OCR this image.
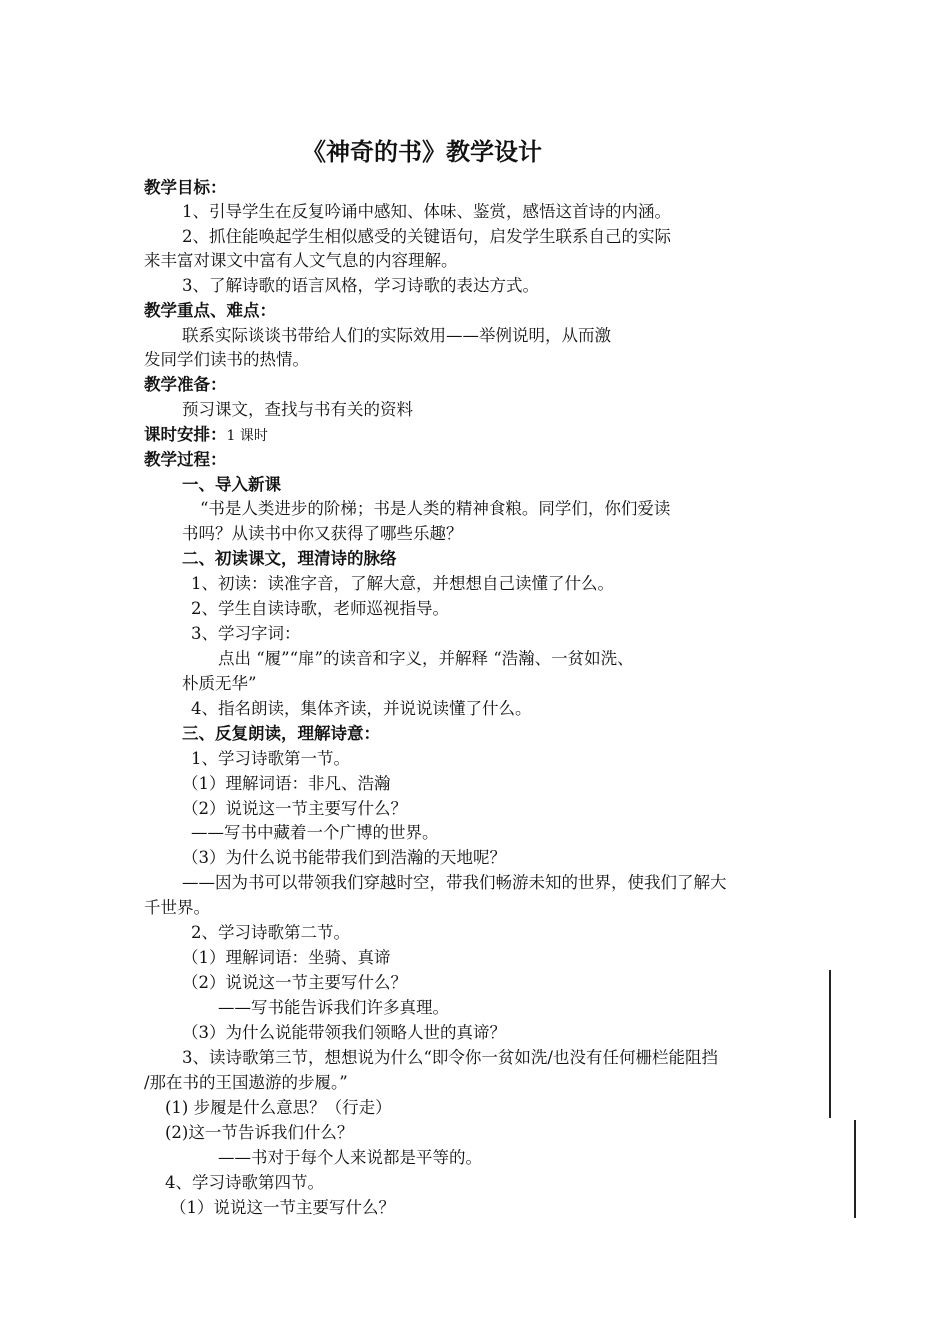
《神奇的书》教学设计
教学目标：
1、引导学生在反复吟诵中感知、体味、鉴赏，感悟这首诗的内涵。
2、抓住能唤起学生相似感受的关键语句，启发学生联系自己的实际
来丰富对课文中富有人文气息的内容理解。
3、了解诗歌的语言风格，学习诗歌的表达方式。
教学重点、难点：
联系实际谈谈书带给人们的实际效用——举例说明，从而激
发同学们读书的热情。
教学准备：
预习课文，查找与书有关的资料
课时安排：1 课时
教学过程：
一、导入新课
“书是人类进步的阶梯；书是人类的精神食粮。同学们，你们爱读
书吗？从读书中你又获得了哪些乐趣？
二、初读课文，理清诗的脉络
1、初读：读准字音，了解大意，并想想自己读懂了什么。
2、学生自读诗歌，老师巡视指导。
3、学习字词：
点出 “履”“扉”的读音和字义，并解释 “浩瀚、一贫如洗、
朴质无华”
4、指名朗读，集体齐读，并说说读懂了什么。
三、反复朗读，理解诗意：
1、学习诗歌第一节。
（1）理解词语：非凡、浩瀚
（2）说说这一节主要写什么？
——写书中藏着一个广博的世界。
（3）为什么说书能带我们到浩瀚的天地呢？
——因为书可以带领我们穿越时空，带我们畅游未知的世界，使我们了解大
千世界。
2、学习诗歌第二节。
（1）理解词语：坐骑、真谛
（2）说说这一节主要写什么？
——写书能告诉我们许多真理。
（3）为什么说能带领我们领略人世的真谛？
3、读诗歌第三节，想想说为什么“即令你一贫如洗/也没有任何栅栏能阻挡
/那在书的王国遨游的步履。”
(1) 步履是什么意思？（行走）
(2)这一节告诉我们什么？
——书对于每个人来说都是平等的。
4、学习诗歌第四节。
（1）说说这一节主要写什么？
